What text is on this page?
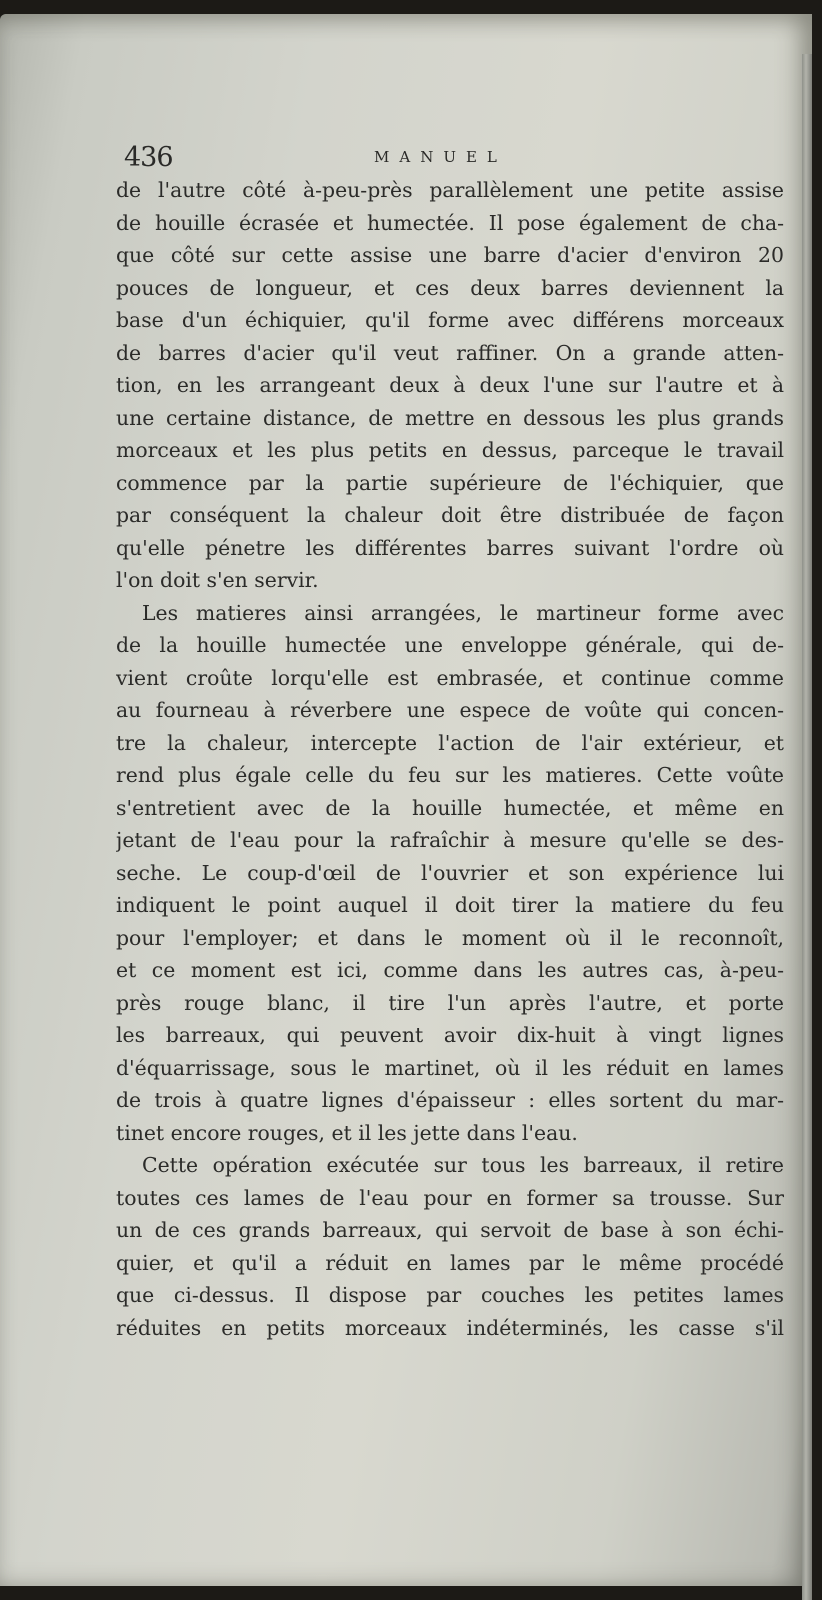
436	MANUEL
de l'autre côté à-peu-près parallèlement une petite assise
de houille écrasée et humectée. Il pose également de cha-
que côté sur cette assise une barre d'acier d'environ 20
pouces de longueur, et ces deux barres deviennent la
base d'un échiquier, qu'il forme avec différens morceaux
de barres d'acier qu'il veut raffiner. On a grande atten-
tion, en les arrangeant deux à deux l'une sur l'autre et à
une certaine distance, de mettre en dessous les plus grands
morceaux et les plus petits en dessus, parceque le travail
commence par la partie supérieure de l'échiquier, que
par conséquent la chaleur doit être distribuée de façon
qu'elle pénetre les différentes barres suivant l'ordre où
l'on doit s'en servir.
Les matieres ainsi arrangées, le martineur forme avec
de la houille humectée une enveloppe générale, qui de-
vient croûte lorqu'elle est embrasée, et continue comme
au fourneau à réverbere une espece de voûte qui concen-
tre la chaleur, intercepte l'action de l'air extérieur, et
rend plus égale celle du feu sur les matieres. Cette voûte
s'entretient avec de la houille humectée, et même en
jetant de l'eau pour la rafraîchir à mesure qu'elle se des-
seche. Le coup-d'œil de l'ouvrier et son expérience lui
indiquent le point auquel il doit tirer la matiere du feu
pour l'employer; et dans le moment où il le reconnoît,
et ce moment est ici, comme dans les autres cas, à-peu-
près rouge blanc, il tire l'un après l'autre, et porte
les barreaux, qui peuvent avoir dix-huit à vingt lignes
d'équarrissage, sous le martinet, où il les réduit en lames
de trois à quatre lignes d'épaisseur : elles sortent du mar-
tinet encore rouges, et il les jette dans l'eau.
Cette opération exécutée sur tous les barreaux, il retire
toutes ces lames de l'eau pour en former sa trousse. Sur
un de ces grands barreaux, qui servoit de base à son échi-
quier, et qu'il a réduit en lames par le même procédé
que ci-dessus. Il dispose par couches les petites lames
réduites en petits morceaux indéterminés, les casse s'il
